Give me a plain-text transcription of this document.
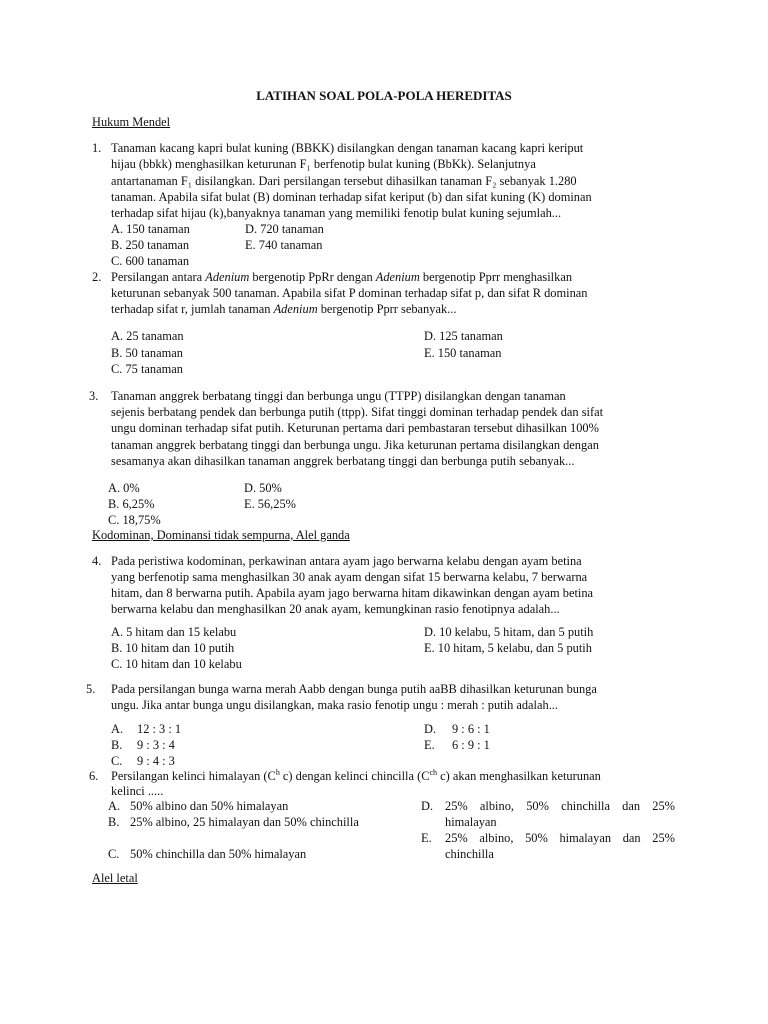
LATIHAN SOAL POLA-POLA HEREDITAS
Hukum Mendel
1. Tanaman kacang kapri bulat kuning (BBKK) disilangkan dengan tanaman kacang kapri keriput
hijau (bbkk) menghasilkan keturunan F₁ berfenotip bulat kuning (BbKk). Selanjutnya
antartanaman F₁ disilangkan. Dari persilangan tersebut dihasilkan tanaman F₂ sebanyak 1.280
tanaman. Apabila sifat bulat (B) dominan terhadap sifat keriput (b) dan sifat kuning (K) dominan
terhadap sifat hijau (k),banyaknya tanaman yang memiliki fenotip bulat kuning sejumlah...
A. 150 tanaman
B. 250 tanaman
C. 600 tanaman
D. 720 tanaman
E. 740 tanaman
2. Persilangan antara Adenium bergenotip PpRr dengan Adenium bergenotip Pprr menghasilkan
keturunan sebanyak 500 tanaman. Apabila sifat P dominan terhadap sifat p, dan sifat R dominan
terhadap sifat r, jumlah tanaman Adenium bergenotip Pprr sebanyak...
A. 25 tanaman
B. 50 tanaman
C. 75 tanaman
D. 125 tanaman
E. 150 tanaman
3.	Tanaman anggrek berbatang tinggi dan berbunga ungu (TTPP) disilangkan dengan tanaman
sejenis berbatang pendek dan berbunga putih (ttpp). Sifat tinggi dominan terhadap pendek dan sifat
ungu dominan terhadap sifat putih. Keturunan pertama dari pembastaran tersebut dihasilkan 100%
tanaman anggrek berbatang tinggi dan berbunga ungu. Jika keturunan pertama disilangkan dengan
sesamanya akan dihasilkan tanaman anggrek berbatang tinggi dan berbunga putih sebanyak...
A. 0%
B. 6,25%
C. 18,75%
D. 50%
E. 56,25%
Kodominan, Dominansi tidak sempurna, Alel ganda
4. Pada peristiwa kodominan, perkawinan antara ayam jago berwarna kelabu dengan ayam betina
yang berfenotip sama menghasilkan 30 anak ayam dengan sifat 15 berwarna kelabu, 7 berwarna
hitam, dan 8 berwarna putih. Apabila ayam jago berwarna hitam dikawinkan dengan ayam betina
berwarna kelabu dan menghasilkan 20 anak ayam, kemungkinan rasio fenotipnya adalah...
A. 5 hitam dan 15 kelabu
B. 10 hitam dan 10 putih
C. 10 hitam dan 10 kelabu
D. 10 kelabu, 5 hitam, dan 5 putih
E. 10 hitam, 5 kelabu, dan 5 putih
5.	Pada persilangan bunga warna merah Aabb dengan bunga putih aaBB dihasilkan keturunan bunga
ungu. Jika antar bunga ungu disilangkan, maka rasio fenotip ungu : merah : putih adalah...
A. 12 : 3 : 1
B. 9 : 3 : 4
C. 9 : 4 : 3
D. 9 : 6 : 1
E. 6 : 9 : 1
6.	Persilangan kelinci himalayan ($C^h$ c) dengan kelinci chincilla ($C^{ch}$ c) akan menghasilkan keturunan
kelinci .....
A. 50% albino dan 50% himalayan
B. 25% albino, 25 himalayan dan 50% chinchilla
C. 50% chinchilla dan 50% himalayan
D. 25% albino, 50% chinchilla dan 25% himalayan
E.	25% albino, 50% himalayan dan 25% chinchilla
Alel letal
